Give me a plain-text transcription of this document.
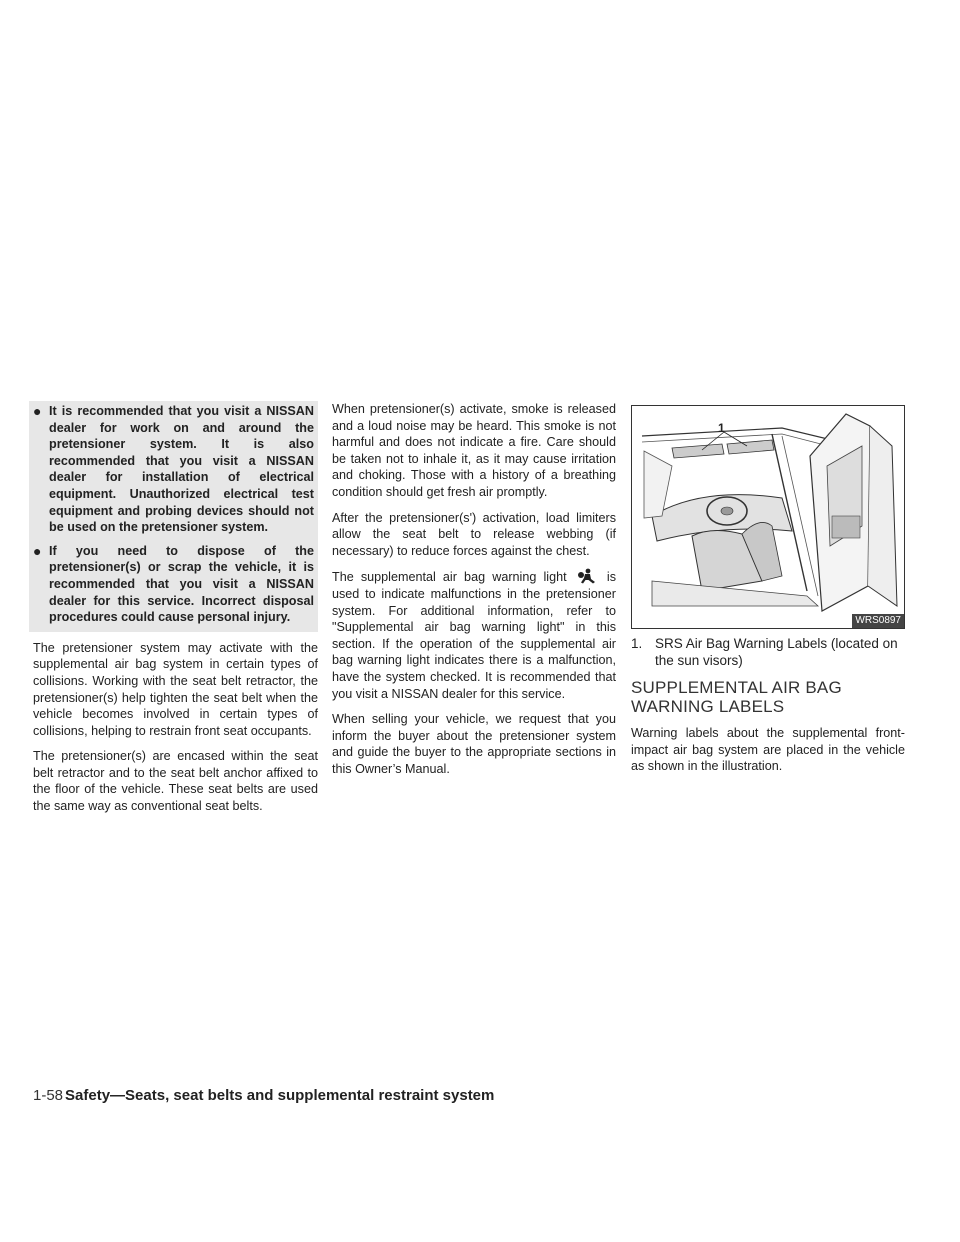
● It is recommended that you visit a NISSAN dealer for work on and around the pretensioner system. It is also recommended that you visit a NISSAN dealer for installation of electrical equipment. Unauthorized electrical test equipment and probing devices should not be used on the pretensioner system.
● If you need to dispose of the pretensioner(s) or scrap the vehicle, it is recommended that you visit a NISSAN dealer for this service. Incorrect disposal procedures could cause personal injury.

The pretensioner system may activate with the supplemental air bag system in certain types of collisions. Working with the seat belt retractor, the pretensioner(s) help tighten the seat belt when the vehicle becomes involved in certain types of collisions, helping to restrain front seat occupants.

The pretensioner(s) are encased within the seat belt retractor and to the seat belt anchor affixed to the floor of the vehicle. These seat belts are used the same way as conventional seat belts.

When pretensioner(s) activate, smoke is released and a loud noise may be heard. This smoke is not harmful and does not indicate a fire. Care should be taken not to inhale it, as it may cause irritation and choking. Those with a history of a breathing condition should get fresh air promptly.

After the pretensioner(s') activation, load limiters allow the seat belt to release webbing (if necessary) to reduce forces against the chest.

The supplemental air bag warning light	is used to indicate malfunctions in the pretensioner system. For additional information, refer to "Supplemental air bag warning light" in this section. If the operation of the supplemental air bag warning light indicates there is a malfunction, have the system checked. It is recommended that you visit a NISSAN dealer for this service.

When selling your vehicle, we request that you inform the buyer about the pretensioner system and guide the buyer to the appropriate sections in this Owner’s Manual.

1
WRS0897
1. SRS Air Bag Warning Labels (located on the sun visors)
SUPPLEMENTAL AIR BAG WARNING LABELS

Warning labels about the supplemental front-impact air bag system are placed in the vehicle as shown in the illustration.

1-58 Safety—Seats, seat belts and supplemental restraint system
